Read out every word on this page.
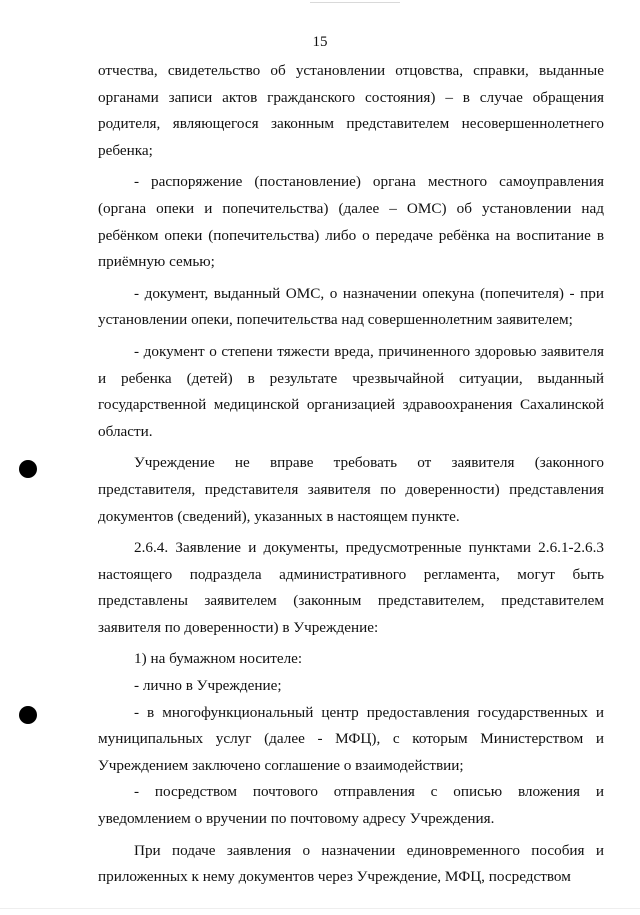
15

отчества, свидетельство об установлении отцовства, справки, выданные органами записи актов гражданского состояния) – в случае обращения родителя, являющегося законным представителем несовершеннолетнего ребенка;

- распоряжение (постановление) органа местного самоуправления (органа опеки и попечительства) (далее – ОМС) об установлении над ребёнком опеки (попечительства) либо о передаче ребёнка на воспитание в приёмную семью;

- документ, выданный ОМС, о назначении опекуна (попечителя) - при установлении опеки, попечительства над совершеннолетним заявителем;

- документ о степени тяжести вреда, причиненного здоровью заявителя и ребенка (детей) в результате чрезвычайной ситуации, выданный государственной медицинской организацией здравоохранения Сахалинской области.

Учреждение не вправе требовать от заявителя (законного представителя, представителя заявителя по доверенности) представления документов (сведений), указанных в настоящем пункте.

2.6.4. Заявление и документы, предусмотренные пунктами 2.6.1-2.6.3 настоящего подраздела административного регламента, могут быть представлены заявителем (законным представителем, представителем заявителя по доверенности) в Учреждение:

1) на бумажном носителе:

- лично в Учреждение;

- в многофункциональный центр предоставления государственных и муниципальных услуг (далее - МФЦ), с которым Министерством и Учреждением заключено соглашение о взаимодействии;

- посредством почтового отправления с описью вложения и уведомлением о вручении по почтовому адресу Учреждения.

При подаче заявления о назначении единовременного пособия и приложенных к нему документов через Учреждение, МФЦ, посредством
